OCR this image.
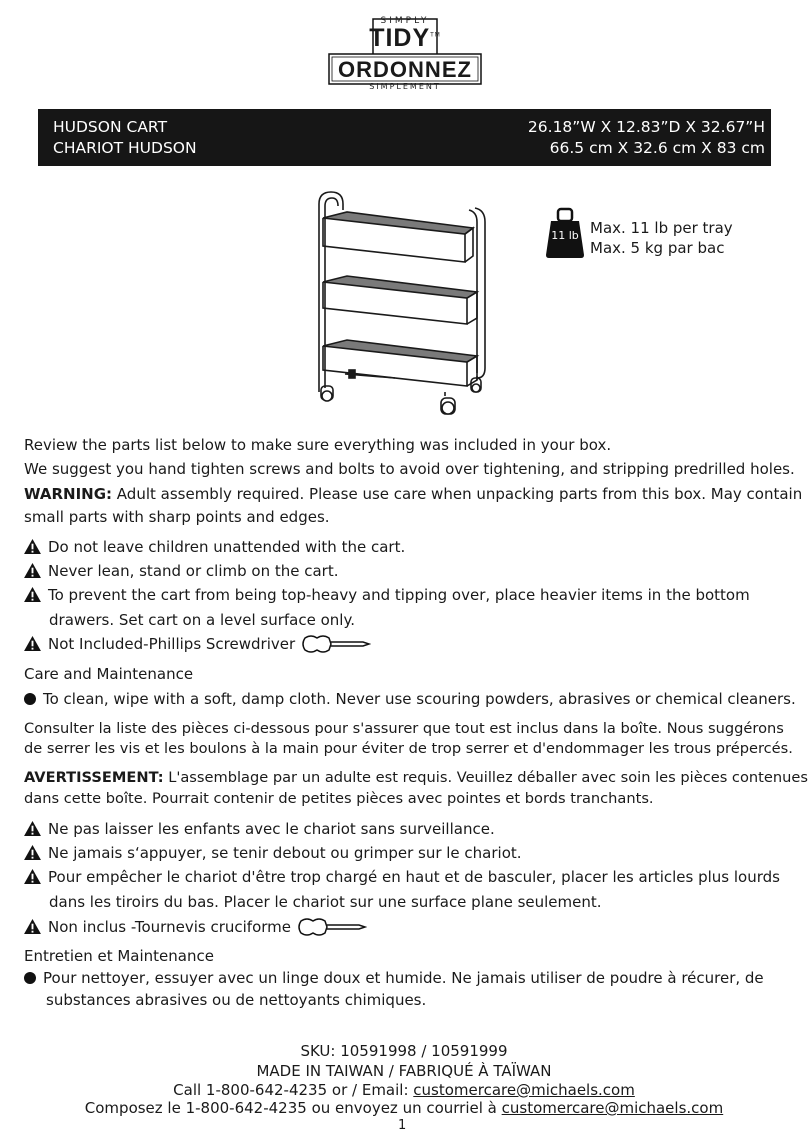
SIMPLY
TIDY™
ORDONNEZ
SIMPLEMENT
HUDSON CART
CHARIOT HUDSON
26.18”W X 12.83”D X 32.67”H
66.5 cm X 32.6 cm X 83 cm
11 lb Max. 11 lb per tray
Max. 5 kg par bac
Review the parts list below to make sure everything was included in your box.
We suggest you hand tighten screws and bolts to avoid over tightening, and stripping predrilled holes.
WARNING: Adult assembly required. Please use care when unpacking parts from this box. May contain
small parts with sharp points and edges.
Do not leave children unattended with the cart.
Never lean, stand or climb on the cart.
To prevent the cart from being top-heavy and tipping over, place heavier items in the bottom
drawers. Set cart on a level surface only.
Not Included-Phillips Screwdriver
Care and Maintenance
To clean, wipe with a soft, damp cloth. Never use scouring powders, abrasives or chemical cleaners.
Consulter la liste des pièces ci-dessous pour s'assurer que tout est inclus dans la boîte. Nous suggérons
de serrer les vis et les boulons à la main pour éviter de trop serrer et d'endommager les trous prépercés.
AVERTISSEMENT: L'assemblage par un adulte est requis. Veuillez déballer avec soin les pièces contenues
dans cette boîte. Pourrait contenir de petites pièces avec pointes et bords tranchants.
Ne pas laisser les enfants avec le chariot sans surveillance.
Ne jamais s‘appuyer, se tenir debout ou grimper sur le chariot.
Pour empêcher le chariot d'être trop chargé en haut et de basculer, placer les articles plus lourds
dans les tiroirs du bas. Placer le chariot sur une surface plane seulement.
Non inclus -Tournevis cruciforme
Entretien et Maintenance
Pour nettoyer, essuyer avec un linge doux et humide. Ne jamais utiliser de poudre à récurer, de
substances abrasives ou de nettoyants chimiques.
SKU: 10591998 / 10591999
MADE IN TAIWAN / FABRIQUÉ À TAÏWAN
Call 1-800-642-4235 or / Email: customercare@michaels.com
Composez le 1-800-642-4235 ou envoyez un courriel à customercare@michaels.com
1
